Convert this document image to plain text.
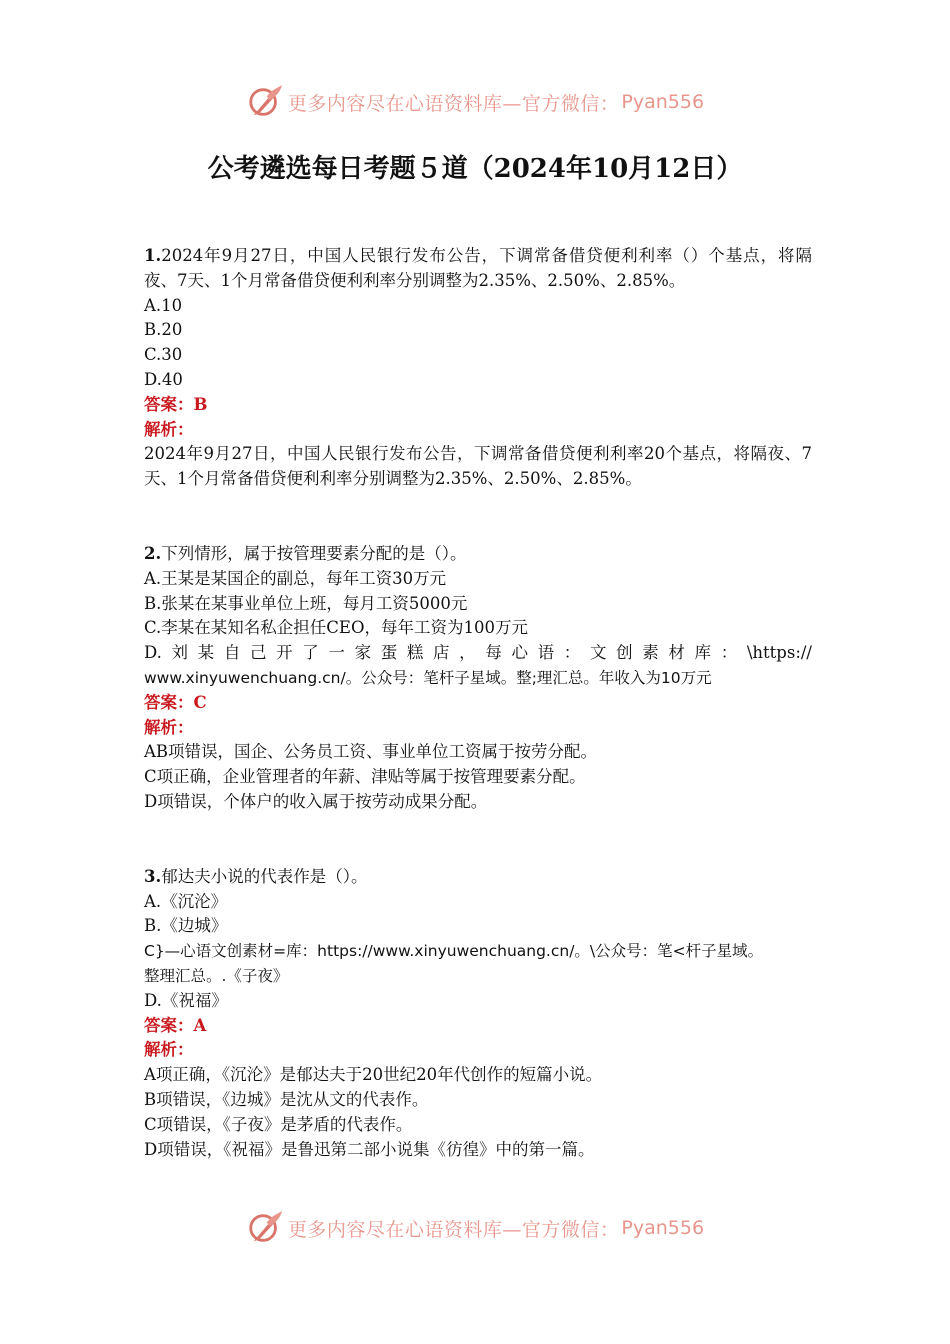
更多内容尽在心语资料库—官方微信： Pyan556
公考遴选每日考题５道（2024年10月12日）

1.2024年9月27日，中国人民银行发布公告，下调常备借贷便利利率（）个基点，将隔夜、7天、1个月常备借贷便利利率分别调整为2.35%、2.50%、2.85%。

A.10

B.20

C.30

D.40

答案：B

解析：

2024年9月27日，中国人民银行发布公告，下调常备借贷便利利率20个基点，将隔夜、7天、1个月常备借贷便利利率分别调整为2.35%、2.50%、2.85%。

2.下列情形，属于按管理要素分配的是（）。

A.王某是某国企的副总，每年工资30万元

B.张某在某事业单位上班，每月工资5000元

C.李某在某知名私企担任CEO，每年工资为100万元

D.刘某自己开了一家蛋糕店，每心语：文创素材库：\https://

www.xinyuwenchuang.cn/。公众号：笔杆子星域。整;理汇总。年收入为10万元

答案：C

解析：

AB项错误，国企、公务员工资、事业单位工资属于按劳分配。

C项正确，企业管理者的年薪、津贴等属于按管理要素分配。

D项错误，个体户的收入属于按劳动成果分配。

3.郁达夫小说的代表作是（）。

A.《沉沦》

B.《边城》

C}—心语文创素材=库：https://www.xinyuwenchuang.cn/。\公众号：笔<杆子星域。

整理汇总。.《子夜》

D.《祝福》

答案：A

解析：

A项正确，《沉沦》是郁达夫于20世纪20年代创作的短篇小说。

B项错误，《边城》是沈从文的代表作。

C项错误，《子夜》是茅盾的代表作。

D项错误，《祝福》是鲁迅第二部小说集《彷徨》中的第一篇。

更多内容尽在心语资料库—官方微信： Pyan556
